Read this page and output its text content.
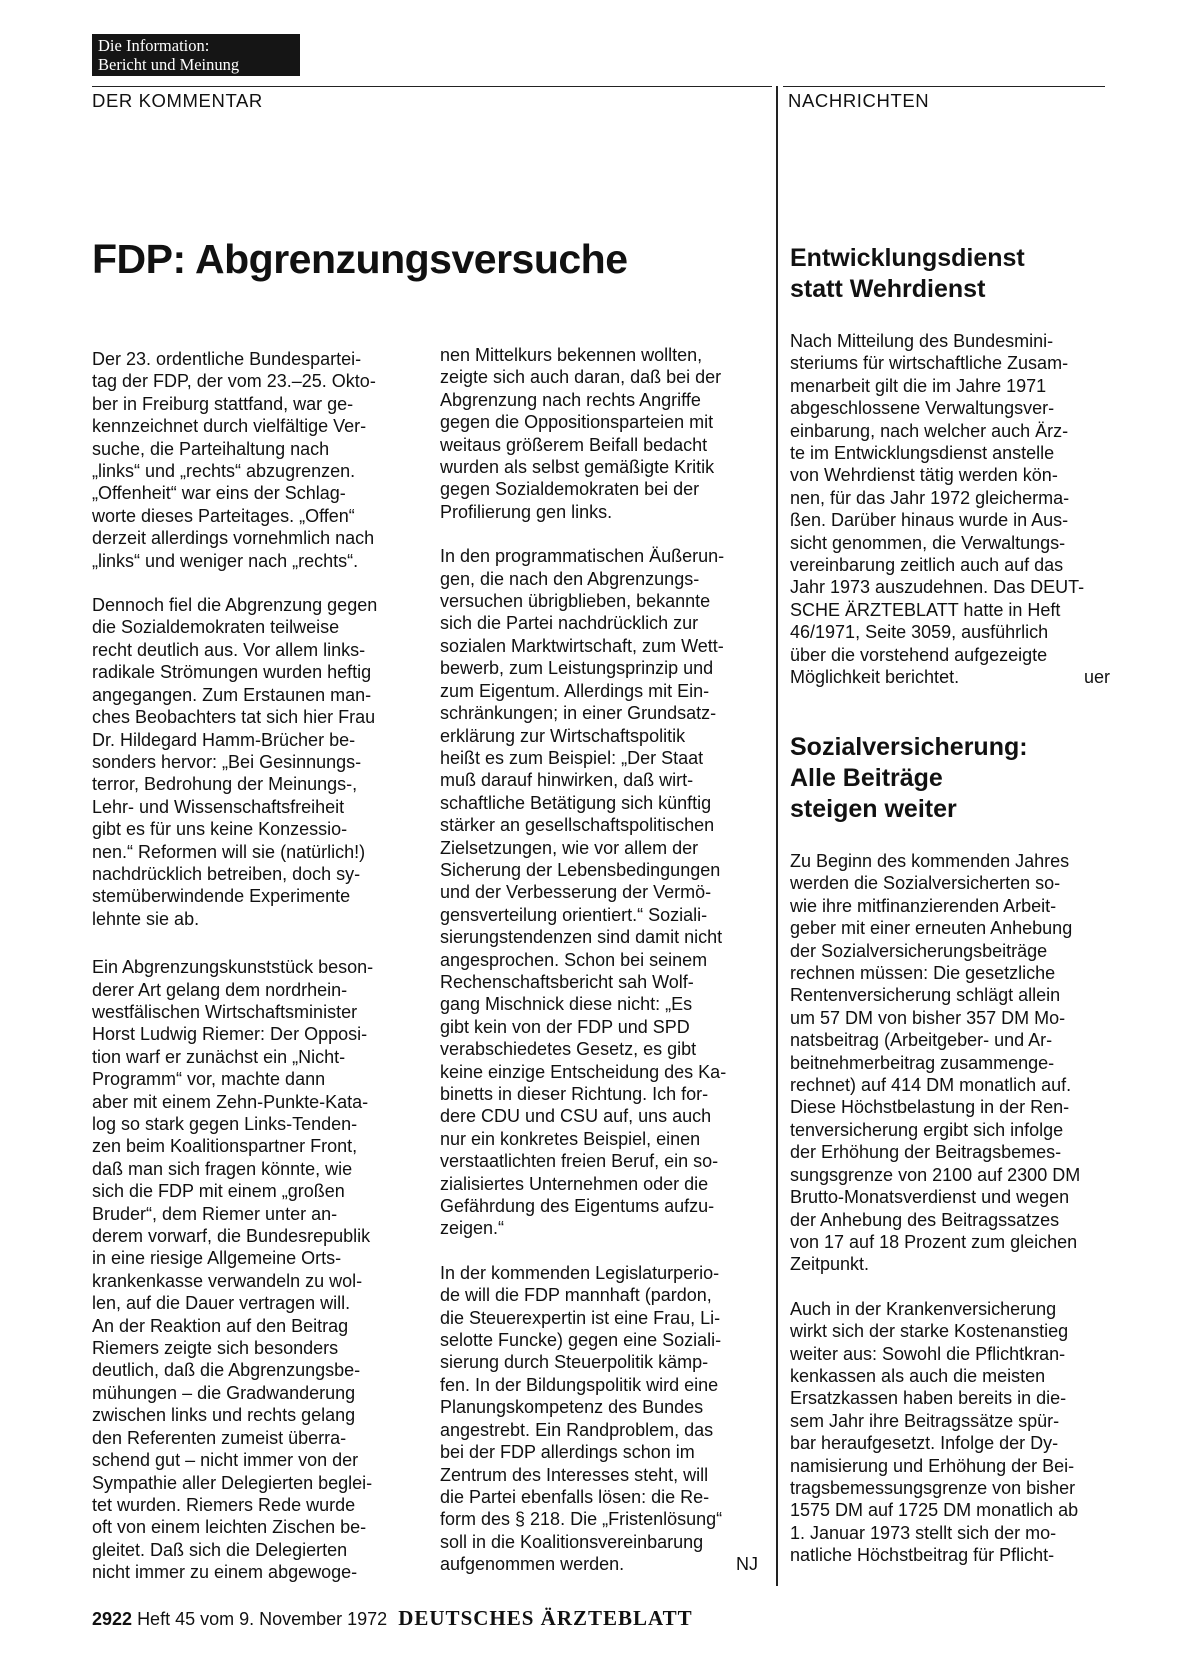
Die Information:
Bericht und Meinung
DER KOMMENTAR	NACHRICHTEN
FDP: Abgrenzungsversuche

Der 23. ordentliche Bundespartei-
tag der FDP, der vom 23.–25. Okto-
ber in Freiburg stattfand, war ge-
kennzeichnet durch vielfältige Ver-
suche, die Parteihaltung nach
„links“ und „rechts“ abzugrenzen.
„Offenheit“ war eins der Schlag-
worte dieses Parteitages. „Offen“
derzeit allerdings vornehmlich nach
„links“ und weniger nach „rechts“.

Dennoch fiel die Abgrenzung gegen
die Sozialdemokraten teilweise
recht deutlich aus. Vor allem links-
radikale Strömungen wurden heftig
angegangen. Zum Erstaunen man-
ches Beobachters tat sich hier Frau
Dr. Hildegard Hamm-Brücher be-
sonders hervor: „Bei Gesinnungs-
terror, Bedrohung der Meinungs-,
Lehr- und Wissenschaftsfreiheit
gibt es für uns keine Konzessio-
nen.“ Reformen will sie (natürlich!)
nachdrücklich betreiben, doch sy-
stemüberwindende Experimente
lehnte sie ab.

Ein Abgrenzungskunststück beson-
derer Art gelang dem nordrhein-
westfälischen Wirtschaftsminister
Horst Ludwig Riemer: Der Opposi-
tion warf er zunächst ein „Nicht-
Programm“ vor, machte dann
aber mit einem Zehn-Punkte-Kata-
log so stark gegen Links-Tenden-
zen beim Koalitionspartner Front,
daß man sich fragen könnte, wie
sich die FDP mit einem „großen
Bruder“, dem Riemer unter an-
derem vorwarf, die Bundesrepublik
in eine riesige Allgemeine Orts-
krankenkasse verwandeln zu wol-
len, auf die Dauer vertragen will.
An der Reaktion auf den Beitrag
Riemers zeigte sich besonders
deutlich, daß die Abgrenzungsbe-
mühungen – die Gradwanderung
zwischen links und rechts gelang
den Referenten zumeist überra-
schend gut – nicht immer von der
Sympathie aller Delegierten beglei-
tet wurden. Riemers Rede wurde
oft von einem leichten Zischen be-
gleitet. Daß sich die Delegierten
nicht immer zu einem abgewoge-

nen Mittelkurs bekennen wollten,
zeigte sich auch daran, daß bei der
Abgrenzung nach rechts Angriffe
gegen die Oppositionsparteien mit
weitaus größerem Beifall bedacht
wurden als selbst gemäßigte Kritik
gegen Sozialdemokraten bei der
Profilierung gen links.

In den programmatischen Äußerun-
gen, die nach den Abgrenzungs-
versuchen übrigblieben, bekannte
sich die Partei nachdrücklich zur
sozialen Marktwirtschaft, zum Wett-
bewerb, zum Leistungsprinzip und
zum Eigentum. Allerdings mit Ein-
schränkungen; in einer Grundsatz-
erklärung zur Wirtschaftspolitik
heißt es zum Beispiel: „Der Staat
muß darauf hinwirken, daß wirt-
schaftliche Betätigung sich künftig
stärker an gesellschaftspolitischen
Zielsetzungen, wie vor allem der
Sicherung der Lebensbedingungen
und der Verbesserung der Vermö-
gensverteilung orientiert.“ Soziali-
sierungstendenzen sind damit nicht
angesprochen. Schon bei seinem
Rechenschaftsbericht sah Wolf-
gang Mischnick diese nicht: „Es
gibt kein von der FDP und SPD
verabschiedetes Gesetz, es gibt
keine einzige Entscheidung des Ka-
binetts in dieser Richtung. Ich for-
dere CDU und CSU auf, uns auch
nur ein konkretes Beispiel, einen
verstaatlichten freien Beruf, ein so-
zialisiertes Unternehmen oder die
Gefährdung des Eigentums aufzu-
zeigen.“

In der kommenden Legislaturperio-
de will die FDP mannhaft (pardon,
die Steuerexpertin ist eine Frau, Li-
selotte Funcke) gegen eine Soziali-
sierung durch Steuerpolitik kämp-
fen. In der Bildungspolitik wird eine
Planungskompetenz des Bundes
angestrebt. Ein Randproblem, das
bei der FDP allerdings schon im
Zentrum des Interesses steht, will
die Partei ebenfalls lösen: die Re-
form des § 218. Die „Fristenlösung“
soll in die Koalitionsvereinbarung
aufgenommen werden.	NJ

Entwicklungsdienst
statt Wehrdienst

Nach Mitteilung des Bundesmini-
steriums für wirtschaftliche Zusam-
menarbeit gilt die im Jahre 1971
abgeschlossene Verwaltungsver-
einbarung, nach welcher auch Ärz-
te im Entwicklungsdienst anstelle
von Wehrdienst tätig werden kön-
nen, für das Jahr 1972 gleicherma-
ßen. Darüber hinaus wurde in Aus-
sicht genommen, die Verwaltungs-
vereinbarung zeitlich auch auf das
Jahr 1973 auszudehnen. Das DEUT-
SCHE ÄRZTEBLATT hatte in Heft
46/1971, Seite 3059, ausführlich
über die vorstehend aufgezeigte
Möglichkeit berichtet.	uer

Sozialversicherung:
Alle Beiträge
steigen weiter

Zu Beginn des kommenden Jahres
werden die Sozialversicherten so-
wie ihre mitfinanzierenden Arbeit-
geber mit einer erneuten Anhebung
der Sozialversicherungsbeiträge
rechnen müssen: Die gesetzliche
Rentenversicherung schlägt allein
um 57 DM von bisher 357 DM Mo-
natsbeitrag (Arbeitgeber- und Ar-
beitnehmerbeitrag zusammenge-
rechnet) auf 414 DM monatlich auf.
Diese Höchstbelastung in der Ren-
tenversicherung ergibt sich infolge
der Erhöhung der Beitragsbemes-
sungsgrenze von 2100 auf 2300 DM
Brutto-Monatsverdienst und wegen
der Anhebung des Beitragssatzes
von 17 auf 18 Prozent zum gleichen
Zeitpunkt.

Auch in der Krankenversicherung
wirkt sich der starke Kostenanstieg
weiter aus: Sowohl die Pflichtkran-
kenkassen als auch die meisten
Ersatzkassen haben bereits in die-
sem Jahr ihre Beitragssätze spür-
bar heraufgesetzt. Infolge der Dy-
namisierung und Erhöhung der Bei-
tragsbemessungsgrenze von bisher
1575 DM auf 1725 DM monatlich ab
1. Januar 1973 stellt sich der mo-
natliche Höchstbeitrag für Pflicht-

2922 Heft 45 vom 9. November 1972 DEUTSCHES ÄRZTEBLATT
